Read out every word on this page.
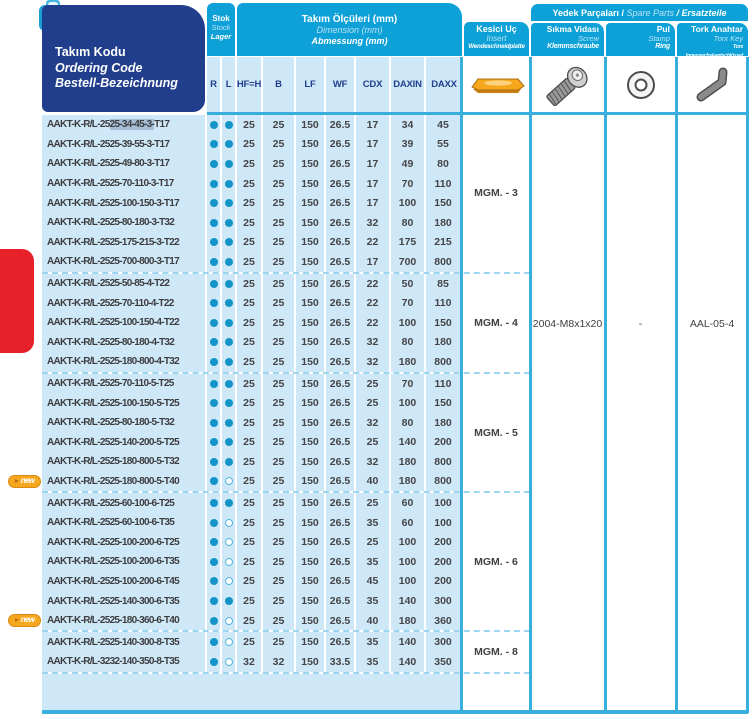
Takım Kodu
Ordering Code
Bestell-Bezeichnung
Stok
Stock
Lager
Takım Ölçüleri (mm)
Dimension (mm)
Abmessung (mm)
R L HF=H	B	LF	WF	CDX	DAXIN DAXX
Kesici Uç
Insert
Wendeschneidplatte
Yedek Parçaları / Spare Parts / Ersatzteile
Sıkma Vidası
Screw
Klemmschraube
Pul
Stamp
Ring
Tork Anahtar
Torx Key
Torx Innensechskantschlüssel
AAKT-K-R/L-25 25-34-45-3- T17	25	25	150	26.5	17	34	45
AAKT-K-R/L-2525-39-55-3-T17	25	25	150	26.5	17	39	55
AAKT-K-R/L-2525-49-80-3-T17	25	25	150	26.5	17	49	80
AAKT-K-R/L-2525-70-110-3-T17	25	25	150	26.5	17	70	110
AAKT-K-R/L-2525-100-150-3-T17	25	25	150	26.5	17	100	150
AAKT-K-R/L-2525-80-180-3-T32	25	25	150	26.5	32	80	180
AAKT-K-R/L-2525-175-215-3-T22	25	25	150	26.5	22	175	215
AAKT-K-R/L-2525-700-800-3-T17	25	25	150	26.5	17	700	800
MGM. - 3
AAKT-K-R/L-2525-50-85-4-T22	25	25	150	26.5	22	50	85
AAKT-K-R/L-2525-70-110-4-T22	25	25	150	26.5	22	70	110
AAKT-K-R/L-2525-100-150-4-T22	25	25	150	26.5	22	100	150
AAKT-K-R/L-2525-80-180-4-T32	25	25	150	26.5	32	80	180
AAKT-K-R/L-2525-180-800-4-T32	25	25	150	26.5	32	180	800
MGM. - 4
AAKT-K-R/L-2525-70-110-5-T25	25	25	150	26.5	25	70	110
AAKT-K-R/L-2525-100-150-5-T25	25	25	150	26.5	25	100	150
AAKT-K-R/L-2525-80-180-5-T32	25	25	150	26.5	32	80	180
AAKT-K-R/L-2525-140-200-5-T25	25	25	150	26.5	25	140	200
AAKT-K-R/L-2525-180-800-5-T32	25	25	150	26.5	32	180	800
new AAKT-K-R/L-2525-180-800-5-T40	25	25	150	26.5	40	180	800
MGM. - 5
AAKT-K-R/L-2525-60-100-6-T25	25	25	150	26.5	25	60	100
AAKT-K-R/L-2525-60-100-6-T35	25	25	150	26.5	35	60	100
AAKT-K-R/L-2525-100-200-6-T25	25	25	150	26.5	25	100	200
AAKT-K-R/L-2525-100-200-6-T35	25	25	150	26.5	35	100	200
AAKT-K-R/L-2525-100-200-6-T45	25	25	150	26.5	45	100	200
AAKT-K-R/L-2525-140-300-6-T35	25	25	150	26.5	35	140	300
new AAKT-K-R/L-2525-180-360-6-T40	25	25	150	26.5	40	180	360
MGM. - 6
AAKT-K-R/L-2525-140-300-8-T35	25	25	150	26.5	35	140	300
AAKT-K-R/L-3232-140-350-8-T35	32	32	150	33.5	35	140	350
MGM. - 8
2004-M8x1x20	-	AAL-05-4
